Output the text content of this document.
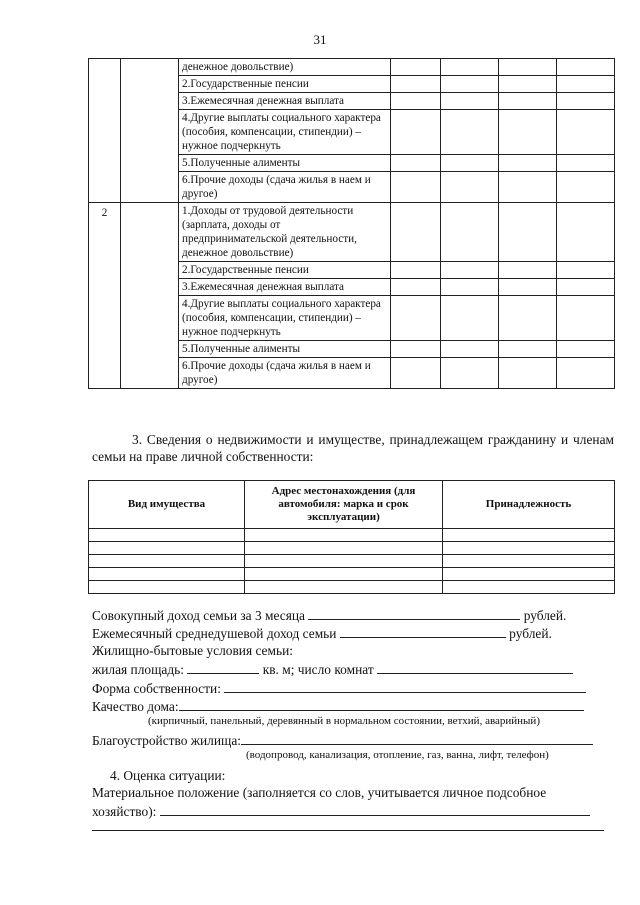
31
		денежное довольствие)				
		2.Государственные пенсии				
		3.Ежемесячная денежная выплата				
		4.Другие выплаты социального характера (пособия, компенсации, стипендии) – нужное подчеркнуть				
		5.Полученные алименты				
		6.Прочие доходы (сдача жилья в наем и другое)				
2		1.Доходы от трудовой деятельности (зарплата, доходы от предпринимательской деятельности, денежное довольствие)				
		2.Государственные пенсии				
		3.Ежемесячная денежная выплата				
		4.Другие выплаты социального характера (пособия, компенсации, стипендии) – нужное подчеркнуть				
		5.Полученные алименты				
		6.Прочие доходы (сдача жилья в наем и другое)				
3. Сведения о недвижимости и имуществе, принадлежащем гражданину и членам семьи на праве личной собственности:
Вид имущества	Адрес местонахождения (для автомобиля: марка и срок эксплуатации)	Принадлежность

Совокупный доход семьи за 3 месяца	рублей.
Ежемесячный среднедушевой доход семьи	рублей.
Жилищно-бытовые условия семьи:
жилая площадь:	кв. м; число комнат
Форма собственности:
Качество дома:
(кирпичный, панельный, деревянный в нормальном состоянии, ветхий, аварийный)
Благоустройство жилища:
(водопровод, канализация, отопление, газ, ванна, лифт, телефон)
4. Оценка ситуации:
Материальное положение (заполняется со слов, учитывается личное подсобное
хозяйство):
